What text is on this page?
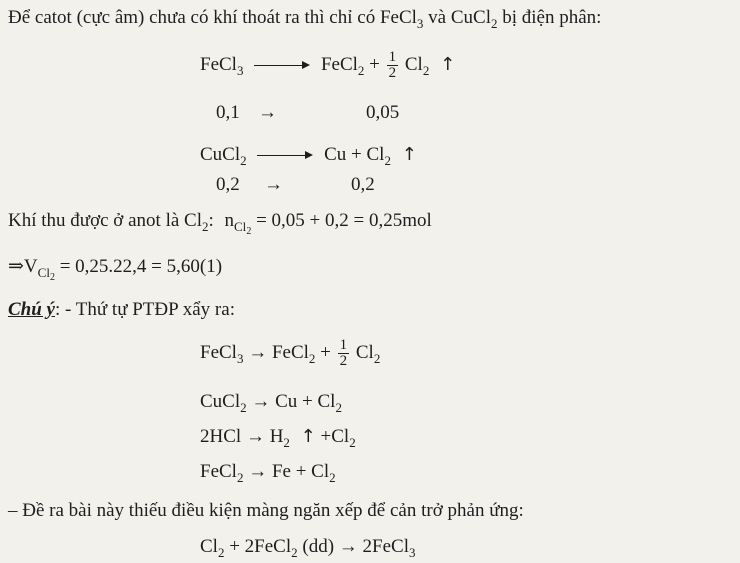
Để catot (cực âm) chưa có khí thoát ra thì chỉ có FeCl$_3$ và CuCl$_2$ bị điện phân:
FeCl$_3$	FeCl$_2$ + $\frac{1}{2} Cl_2$ ↑
0,1 →	0,05
CuCl$_2$	$Cu + Cl_2$ ↑
0,2 →	0,2
Khí thu được ở anot là $Cl_2$: $n_{Cl_2} = 0,05 + 0,2 = 0,25mol$
$\Rightarrow V_{Cl_2} = 0,25.22,4 = 5,60(1)$
Chú ý: - Thứ tự PTĐP xẩy ra:
FeCl$_3$ → FeCl$_2$ + $\frac{1}{2} Cl_2$
CuCl$_2$ → $Cu + Cl_2$
$2HCl \to H_2$ ↑ $+Cl_2$
FeCl$_2$ → $Fe + Cl_2$
– Đề ra bài này thiếu điều kiện màng ngăn xếp để cản trở phản ứng:
$Cl_2$ + 2FeCl$_2$ (dd) → 2FeCl$_3$
